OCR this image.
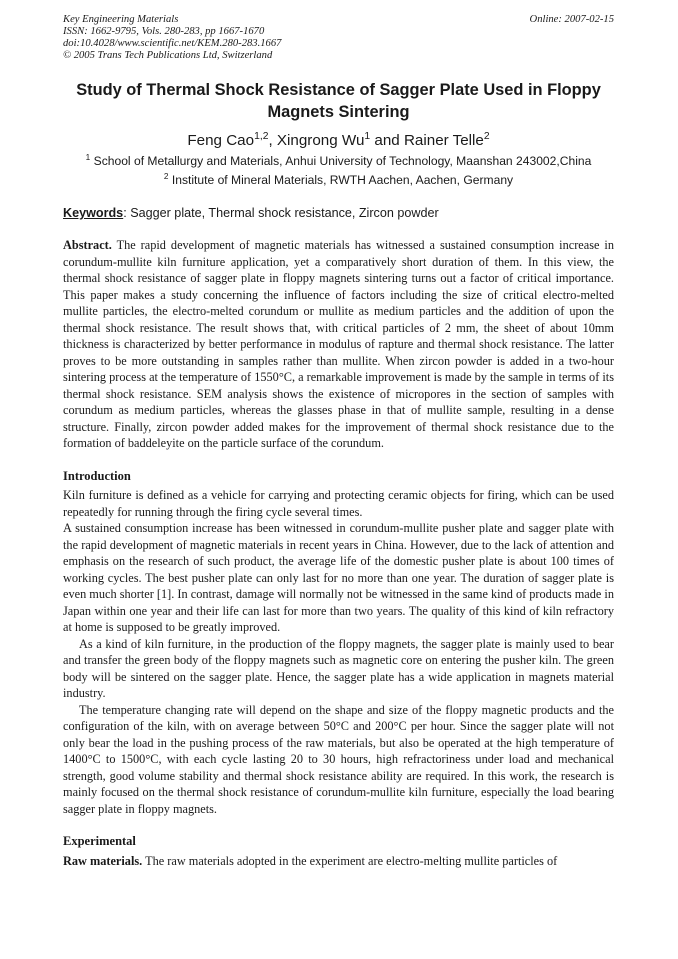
Key Engineering Materials
ISSN: 1662-9795, Vols. 280-283, pp 1667-1670
doi:10.4028/www.scientific.net/KEM.280-283.1667
© 2005 Trans Tech Publications Ltd, Switzerland
Online: 2007-02-15
Study of Thermal Shock Resistance of Sagger Plate Used in Floppy Magnets Sintering
Feng Cao$^{1,2}$, Xingrong Wu$^1$ and Rainer Telle$^2$
$^1$ School of Metallurgy and Materials, Anhui University of Technology, Maanshan 243002,China
$^2$ Institute of Mineral Materials, RWTH Aachen, Aachen, Germany
Keywords: Sagger plate, Thermal shock resistance, Zircon powder

Abstract. The rapid development of magnetic materials has witnessed a sustained consumption increase in corundum-mullite kiln furniture application, yet a comparatively short duration of them. In this view, the thermal shock resistance of sagger plate in floppy magnets sintering turns out a factor of critical importance. This paper makes a study concerning the influence of factors including the size of critical electro-melted mullite particles, the electro-melted corundum or mullite as medium particles and the addition of upon the thermal shock resistance. The result shows that, with critical particles of 2 mm, the sheet of about 10mm thickness is characterized by better performance in modulus of rapture and thermal shock resistance. The latter proves to be more outstanding in samples rather than mullite. When zircon powder is added in a two-hour sintering process at the temperature of 1550°C, a remarkable improvement is made by the sample in terms of its thermal shock resistance. SEM analysis shows the existence of micropores in the section of samples with corundum as medium particles, whereas the glasses phase in that of mullite sample, resulting in a dense structure. Finally, zircon powder added makes for the improvement of thermal shock resistance due to the formation of baddeleyite on the particle surface of the corundum.

Introduction

Kiln furniture is defined as a vehicle for carrying and protecting ceramic objects for firing, which can be used repeatedly for running through the firing cycle several times.

A sustained consumption increase has been witnessed in corundum-mullite pusher plate and sagger plate with the rapid development of magnetic materials in recent years in China. However, due to the lack of attention and emphasis on the research of such product, the average life of the domestic pusher plate is about 100 times of working cycles. The best pusher plate can only last for no more than one year. The duration of sagger plate is even much shorter [1]. In contrast, damage will normally not be witnessed in the same kind of products made in Japan within one year and their life can last for more than two years. The quality of this kind of kiln refractory at home is supposed to be greatly improved.

As a kind of kiln furniture, in the production of the floppy magnets, the sagger plate is mainly used to bear and transfer the green body of the floppy magnets such as magnetic core on entering the pusher kiln. The green body will be sintered on the sagger plate. Hence, the sagger plate has a wide application in magnets material industry.

The temperature changing rate will depend on the shape and size of the floppy magnetic products and the configuration of the kiln, with on average between 50°C and 200°C per hour. Since the sagger plate will not only bear the load in the pushing process of the raw materials, but also be operated at the high temperature of 1400°C to 1500°C, with each cycle lasting 20 to 30 hours, high refractoriness under load and mechanical strength, good volume stability and thermal shock resistance ability are required. In this work, the research is mainly focused on the thermal shock resistance of corundum-mullite kiln furniture, especially the load bearing sagger plate in floppy magnets.

Experimental

Raw materials. The raw materials adopted in the experiment are electro-melting mullite particles of
